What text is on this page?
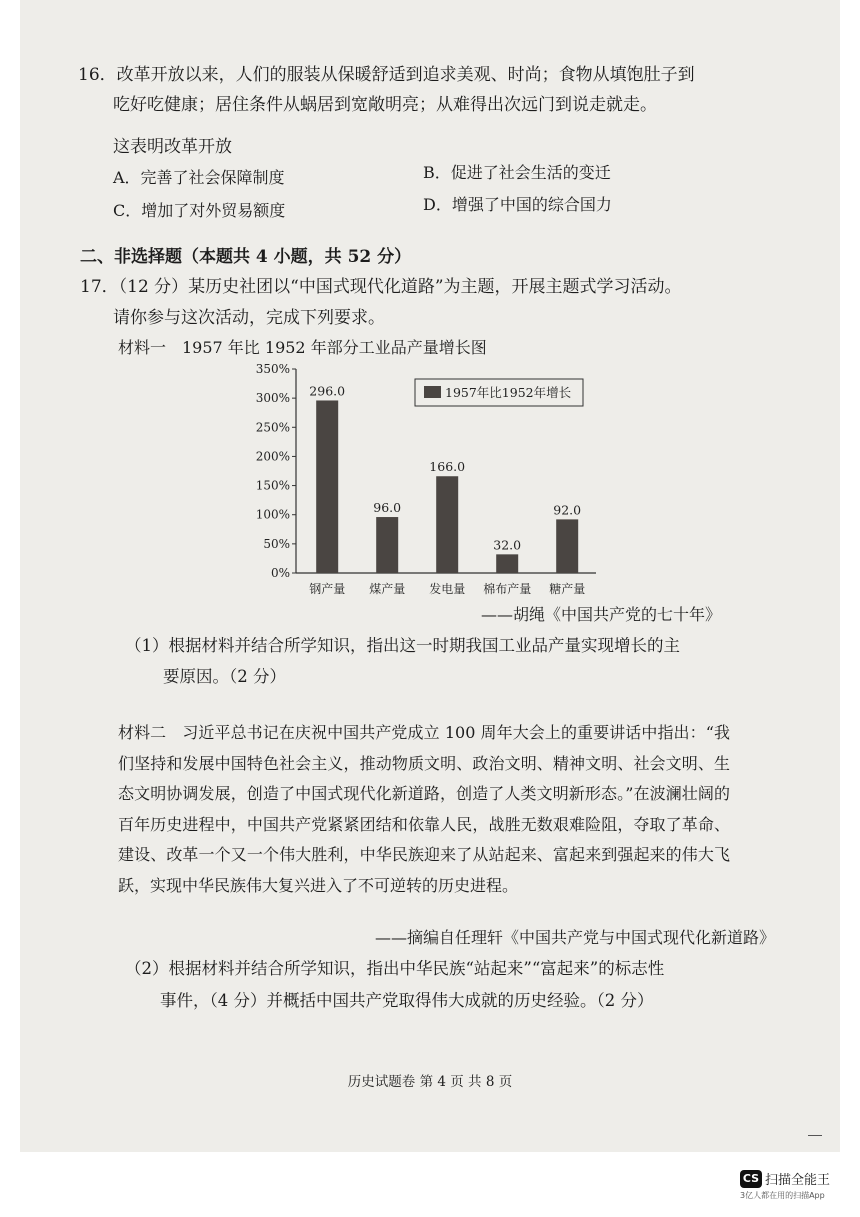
16．改革开放以来，人们的服装从保暖舒适到追求美观、时尚；食物从填饱肚子到
吃好吃健康；居住条件从蜗居到宽敞明亮；从难得出次远门到说走就走。
这表明改革开放
A．完善了社会保障制度	B．促进了社会生活的变迁
C．增加了对外贸易额度	D．增强了中国的综合国力
二、非选择题（本题共 4 小题，共 52 分）
17．（12 分）某历史社团以“中国式现代化道路”为主题，开展主题式学习活动。
请你参与这次活动，完成下列要求。
材料一　1957 年比 1952 年部分工业品产量增长图
0%
50%
100%
150%
200%
250%
300%
350%
296.0
钢产量
96.0
煤产量
166.0
发电量
32.0
棉布产量
92.0
糖产量
1957年比1952年增长
——胡绳《中国共产党的七十年》
（1）根据材料并结合所学知识，指出这一时期我国工业品产量实现增长的主
要原因。（2 分）
材料二　习近平总书记在庆祝中国共产党成立 100 周年大会上的重要讲话中指出：“我们坚持和发展中国特色社会主义，推动物质文明、政治文明、精神文明、社会文明、生态文明协调发展，创造了中国式现代化新道路，创造了人类文明新形态。”在波澜壮阔的百年历史进程中，中国共产党紧紧团结和依靠人民，战胜无数艰难险阻，夺取了革命、建设、改革一个又一个伟大胜利，中华民族迎来了从站起来、富起来到强起来的伟大飞跃，实现中华民族伟大复兴进入了不可逆转的历史进程。
——摘编自任理轩《中国共产党与中国式现代化新道路》
（2）根据材料并结合所学知识，指出中华民族“站起来”“富起来”的标志性
事件，（4 分）并概括中国共产党取得伟大成就的历史经验。（2 分）
历史试题卷 第 4 页 共 8 页
CS 扫描全能王
3亿人都在用的扫描App
